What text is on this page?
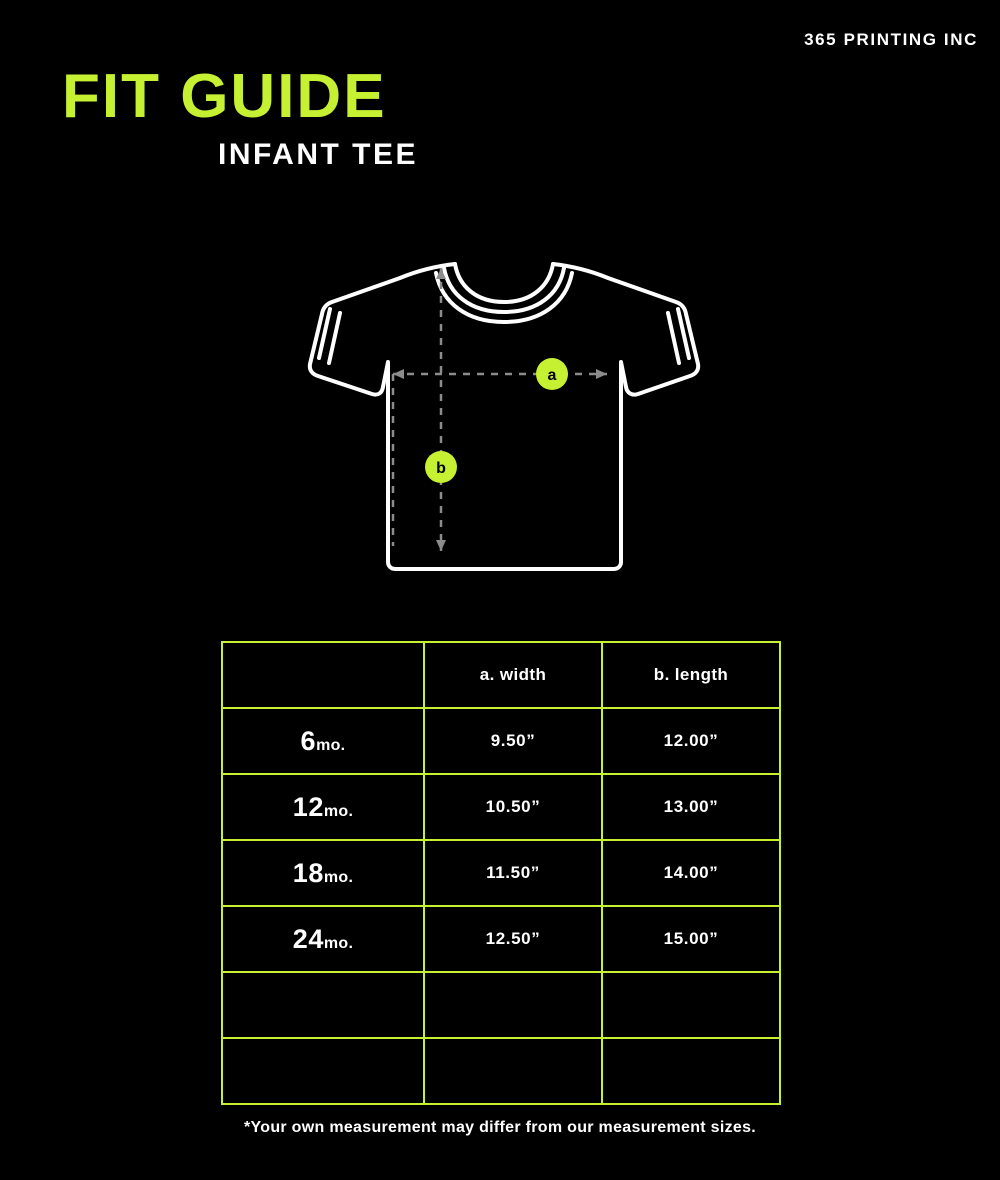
365 PRINTING INC
FIT GUIDE
INFANT TEE
a
b
	a. width	b. length
6mo.	9.50”	12.00”
12mo.	10.50”	13.00”
18mo.	11.50”	14.00”
24mo.	12.50”	15.00”

*Your own measurement may differ from our measurement sizes.
